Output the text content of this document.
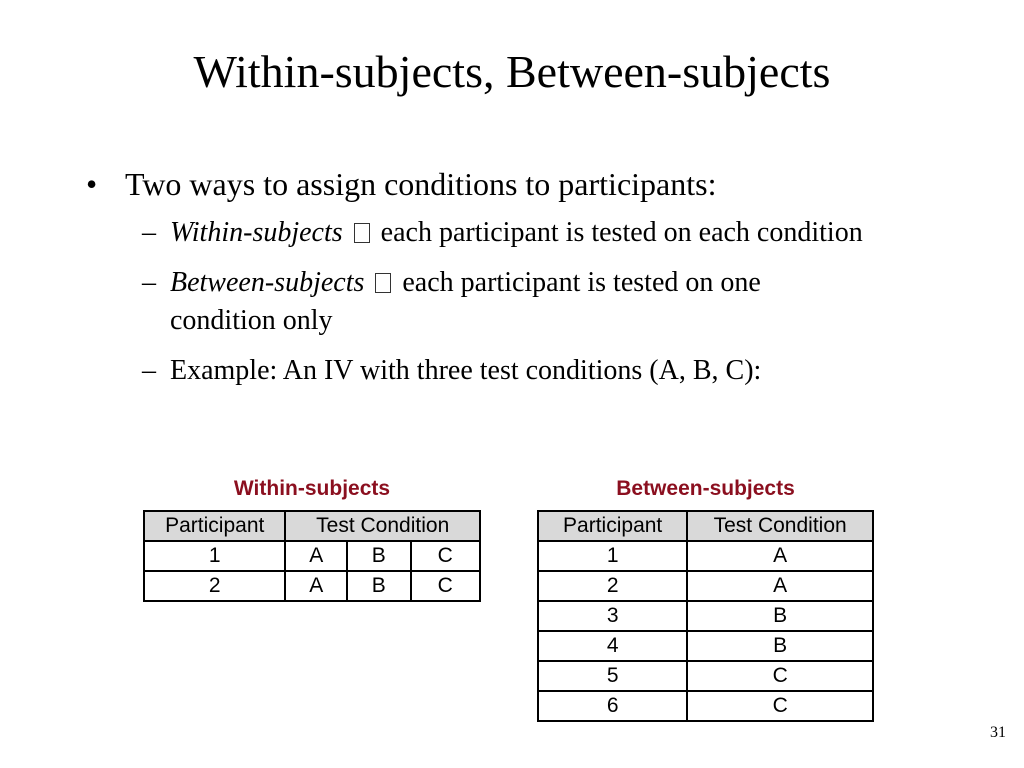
Within-subjects, Between-subjects
• Two ways to assign conditions to participants:
– Within-subjects each participant is tested on each condition
– Between-subjects each participant is tested on one condition only
– Example: An IV with three test conditions (A, B, C):
Within-subjects
Participant	Test Condition		
1	A	B	C
2	A	B	C
Between-subjects
Participant	Test Condition
1	A
2	A
3	B
4	B
5	C
6	C
31
